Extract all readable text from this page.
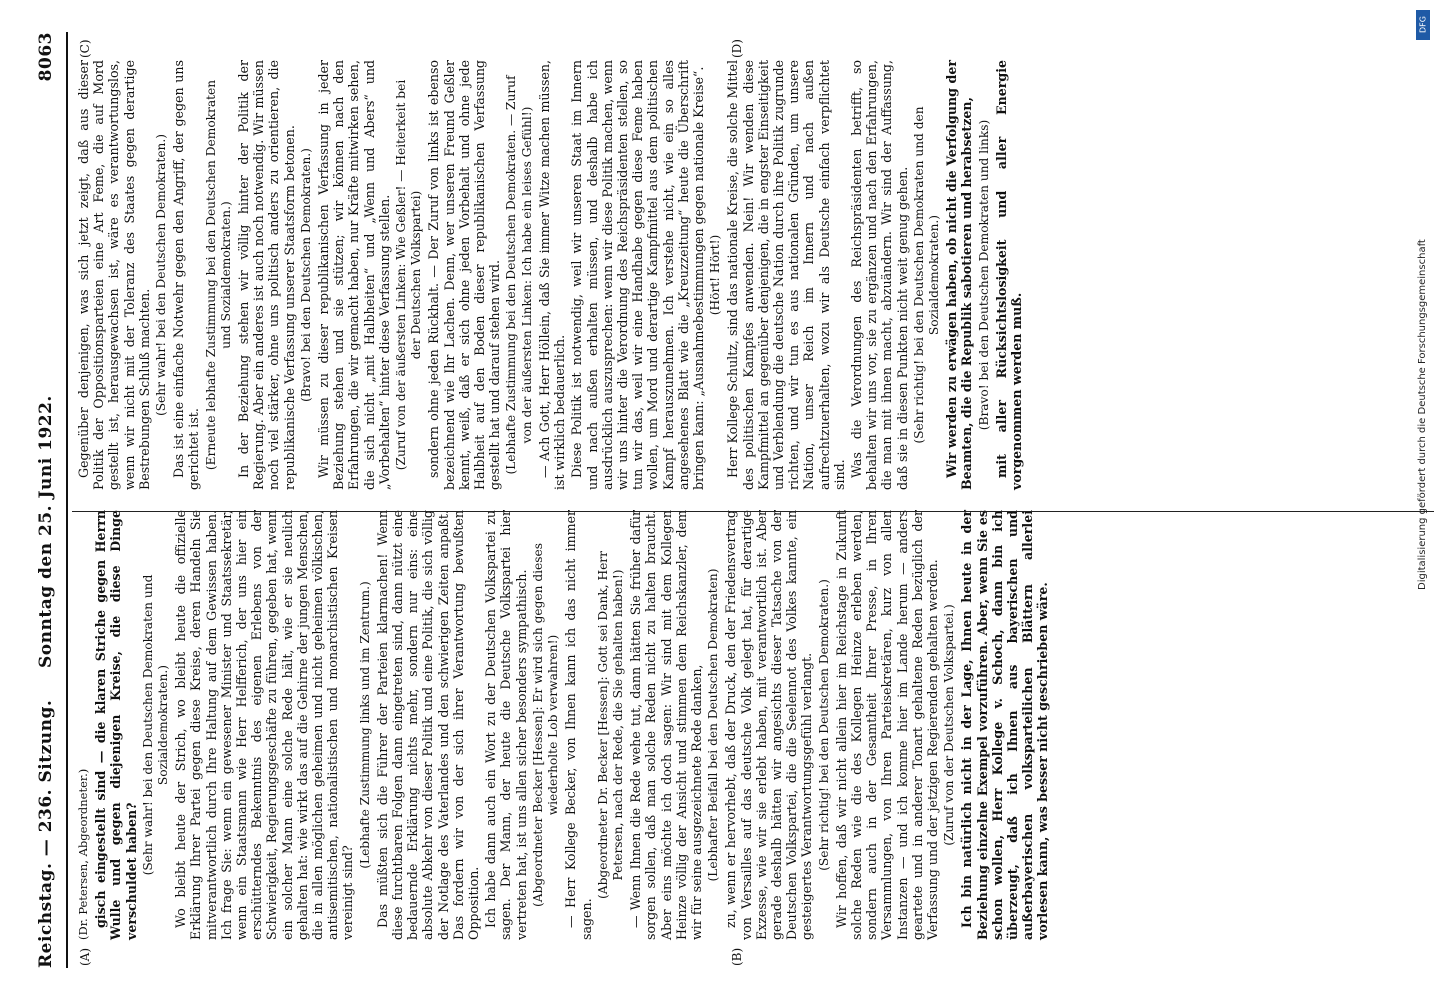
Reichstag. — 236. Sitzung.
Sonntag den 25. Juni 1922.
8063
(A)	(B)
(C)	(D)
(Dr. Petersen, Abgeordneter.) gisch eingestellt sind — die klaren Striche gegen Herrn Wulle und gegen diejenigen Kreise, die diese Dinge verschuldet haben? (Sehr wahr! bei den Deutschen Demokraten und Sozialdemokraten.) Wo bleibt heute der Strich, wo bleibt heute die offizielle Erklärung Ihrer Partei gegen diese Kreise, deren Handeln Sie mitverantwortlich durch Ihre Haltung auf dem Gewissen haben. Ich frage Sie: wenn ein gewesener Minister und Staatssekretär, wenn ein Staatsmann wie Herr Helfferich, der uns hier ein erschütterndes Bekenntnis des eigenen Erlebens von der Schwierigkeit, Regierungsgeschäfte zu führen, gegeben hat, wenn ein solcher Mann eine solche Rede hält, wie er sie neulich gehalten hat: wie wirkt das auf die Gehirne der jungen Menschen, die in allen möglichen geheimen und nicht geheimen völkischen, antisemitischen, nationalistischen und monarchistischen Kreisen vereinigt sind?

(Lebhafte Zustimmung links und im Zentrum.) Das müßten sich die Führer der Parteien klarmachen! Wenn diese furchtbaren Folgen dann eingetreten sind, dann nützt eine bedauernde Erklärung nichts mehr, sondern nur eins: eine absolute Abkehr von dieser Politik und eine Politik, die sich völlig der Notlage des Vaterlandes und den schwierigen Zeiten anpaßt. Das fordern wir von der sich ihrer Verantwortung bewußten Opposition. Ich habe dann auch ein Wort zu der Deutschen Volkspartei zu sagen. Der Mann, der heute die Deutsche Volkspartei hier vertreten hat, ist uns allen sicher besonders sympathisch. (Abgeordneter Becker [Hessen]: Er wird sich gegen dieses wiederholte Lob verwahren!) — Herr Kollege Becker, von Ihnen kann ich das nicht immer sagen.

(Abgeordneter Dr. Becker [Hessen]: Gott sei Dank, Herr Petersen, nach der Rede, die Sie gehalten haben!) — Wenn Ihnen die Rede wehe tut, dann hätten Sie früher dafür sorgen sollen, daß man solche Reden nicht zu halten braucht. Aber eins möchte ich doch sagen: Wir sind mit dem Kollegen Heinze völlig der Ansicht und stimmen dem Reichskanzler, dem wir für seine ausgezeichnete Rede danken, (Lebhafter Beifall bei den Deutschen Demokraten) zu, wenn er hervorhebt, daß der Druck, den der Friedensvertrag von Versailles auf das deutsche Volk gelegt hat, für derartige Exzesse, wie wir sie erlebt haben, mit verantwortlich ist. Aber gerade deshalb hätten wir angesichts dieser Tatsache von der Deutschen Volkspartei, die die Seelennot des Volkes kannte, ein gesteigertes Verantwortungsgefühl verlangt. (Sehr richtig! bei den Deutschen Demokraten.) Wir hoffen, daß wir nicht allein hier im Reichstage in Zukunft solche Reden wie die des Kollegen Heinze erleben werden, sondern auch in der Gesamtheit Ihrer Presse, in Ihren Versammlungen, von Ihren Parteisekretären, kurz von allen Instanzen — und ich komme hier im Lande herum — anders geartete und in anderer Tonart gehaltene Reden bezüglich der Verfassung und der jetzigen Regierenden gehalten werden. (Zuruf von der Deutschen Volkspartei.) Ich bin natürlich nicht in der Lage, Ihnen heute in der Beziehung einzelne Exempel vorzuführen. Aber, wenn Sie es schon wollen, Herr Kollege v. Schoch, dann bin ich überzeugt, daß ich Ihnen aus bayerischen und außerbayerischen volksparteilichen Blättern allerlei vorlesen kann, was besser nicht geschrieben wäre.

Gegenüber denjenigen, was sich jetzt zeigt, daß aus dieser Politik der Oppositionsparteien eine Art Feme, die auf Mord gestellt ist, herausgewachsen ist, wäre es verantwortungslos, wenn wir nicht mit der Toleranz des Staates gegen derartige Bestrebungen Schluß machten. (Sehr wahr! bei den Deutschen Demokraten.) Das ist eine einfache Notwehr gegen den Angriff, der gegen uns gerichtet ist. (Erneute lebhafte Zustimmung bei den Deutschen Demokraten und Sozialdemokraten.) In der Beziehung stehen wir völlig hinter der Politik der Regierung. Aber ein anderes ist auch noch notwendig. Wir müssen noch viel stärker, ohne uns politisch anders zu orientieren, die republikanische Verfassung unserer Staatsform betonen. (Bravo! bei den Deutschen Demokraten.) Wir müssen zu dieser republikanischen Verfassung in jeder Beziehung stehen und sie stützen; wir können nach den Erfahrungen, die wir gemacht haben, nur Kräfte mitwirken sehen, die sich nicht „mit Halbheiten“ und „Wenn und Abers“ und „Vorbehalten“ hinter diese Verfassung stellen. (Zuruf von der äußersten Linken: Wie Geßler! — Heiterkeit bei der Deutschen Volkspartei) sondern ohne jeden Rückhalt. — Der Zuruf von links ist ebenso bezeichnend wie Ihr Lachen. Denn, wer unseren Freund Geßler kennt, weiß, daß er sich ohne jeden Vorbehalt und ohne jede Halbheit auf den Boden dieser republikanischen Verfassung gestellt hat und darauf stehen wird. (Lebhafte Zustimmung bei den Deutschen Demokraten. — Zuruf von der äußersten Linken: Ich habe ein leises Gefühl!) — Ach Gott, Herr Höllein, daß Sie immer Witze machen müssen, ist wirklich bedauerlich. Diese Politik ist notwendig, weil wir unseren Staat im Innern und nach außen erhalten müssen, und deshalb habe ich ausdrücklich auszusprechen: wenn wir diese Politik machen, wenn wir uns hinter die Verordnung des Reichspräsidenten stellen, so tun wir das, weil wir eine Handhabe gegen diese Feme haben wollen, um Mord und derartige Kampfmittel aus dem politischen Kampf herauszunehmen. Ich verstehe nicht, wie ein so alles angesehenes Blatt wie die „Kreuzzeitung“ heute die Überschrift bringen kann: „Ausnahmebestimmungen gegen nationale Kreise“. (Hört! Hört!) Herr Kollege Schultz, sind das nationale Kreise, die solche Mittel des politischen Kampfes anwenden. Nein! Wir wenden diese Kampfmittel an gegenüber denjenigen, die in engster Einseitigkeit und Verblendung die deutsche Nation durch ihre Politik zugrunde richten, und wir tun es aus nationalen Gründen, um unsere Nation, unser Reich im Innern und nach außen aufrechtzuerhalten, wozu wir als Deutsche einfach verpflichtet sind. Was die Verordnungen des Reichspräsidenten betrifft, so behalten wir uns vor, sie zu ergänzen und nach den Erfahrungen, die man mit ihnen macht, abzuändern. Wir sind der Auffassung, daß sie in diesen Punkten nicht weit genug gehen. (Sehr richtig! bei den Deutschen Demokraten und den Sozialdemokraten.) Wir werden zu erwägen haben, ob nicht die Verfolgung der Beamten, die die Republik sabotieren und herabsetzen, (Bravo! bei den Deutschen Demokraten und links) mit aller Rücksichtslosigkeit und aller Energie vorgenommen werden muß.

DFG
Digitalisierung gefördert durch die Deutsche Forschungsgemeinschaft
